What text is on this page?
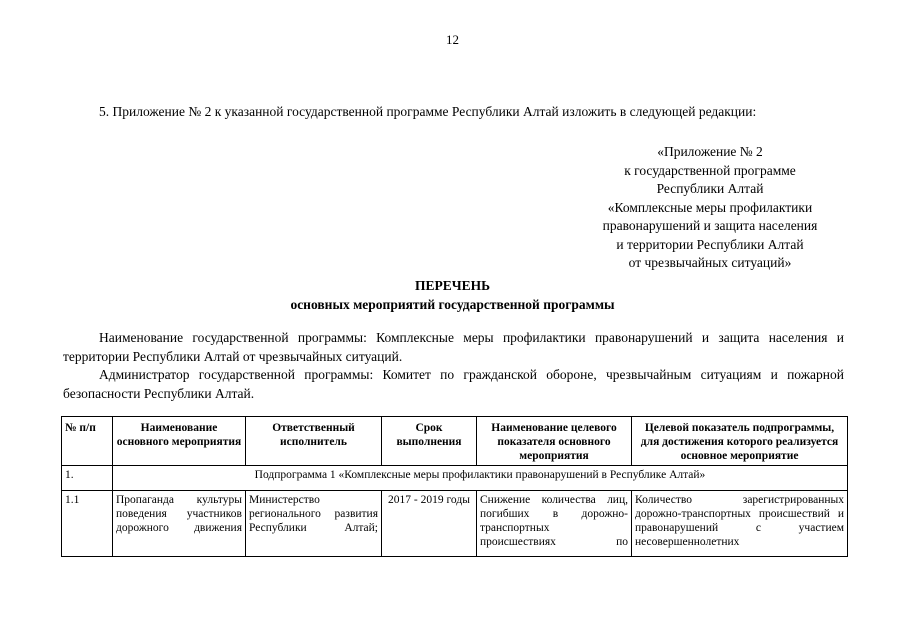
12
5. Приложение № 2 к указанной государственной программе Республики Алтай изложить в следующей редакции:
«Приложение № 2
к государственной программе
Республики Алтай
«Комплексные меры профилактики
правонарушений и защита населения
и территории Республики Алтай
от чрезвычайных ситуаций»
ПЕРЕЧЕНЬ
основных мероприятий государственной программы
Наименование государственной программы: Комплексные меры профилактики правонарушений и защита населения и территории Республики Алтай от чрезвычайных ситуаций.
Администратор государственной программы: Комитет по гражданской обороне, чрезвычайным ситуациям и пожарной безопасности Республики Алтай.
№ п/п	Наименование основного мероприятия	Ответственный исполнитель	Срок выполнения	Наименование целевого показателя основного мероприятия	Целевой показатель подпрограммы, для достижения которого реализуется основное мероприятие
1.	Подпрограмма 1 «Комплексные меры профилактики правонарушений в Республике Алтай»				
1.1	Пропаганда культуры поведения участников дорожного движения	Министерство регионального развития Республики Алтай;	2017 - 2019 годы	Снижение количества лиц, погибших в дорожно-транспортных происшествиях по	Количество зарегистрированных дорожно-транспортных происшествий и правонарушений с участием несовершеннолетних
